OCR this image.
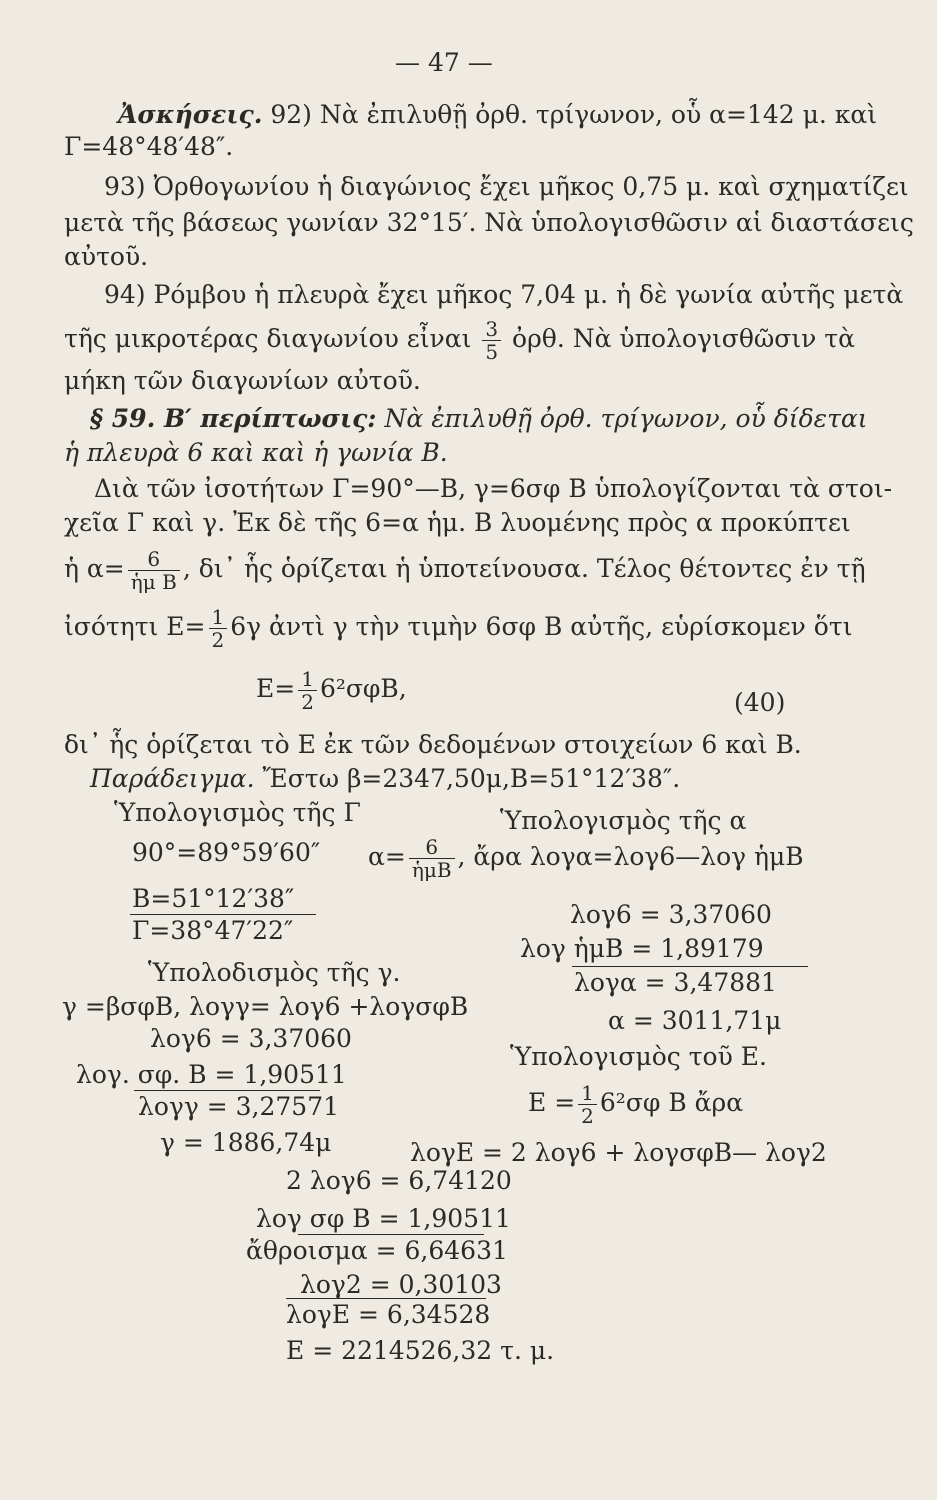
— 47 —
Ἀσκήσεις. 92) Νὰ ἐπιλυθῇ ὀρθ. τρίγωνον, οὗ α=142 μ. καὶ
Γ=48°48′48″.
93) Ὀρθογωνίου ἡ διαγώνιος ἔχει μῆκος 0,75 μ. καὶ σχηματίζει
μετὰ τῆς βάσεως γωνίαν 32°15′. Νὰ ὑπολογισθῶσιν αἱ διαστάσεις
αὐτοῦ.
94) Ρόμβου ἡ πλευρὰ ἔχει μῆκος 7,04 μ. ἡ δὲ γωνία αὐτῆς μετὰ
τῆς μικροτέρας διαγωνίου εἶναι $\frac{3}{5}$ ὀρθ. Νὰ ὑπολογισθῶσιν τὰ
μήκη τῶν διαγωνίων αὐτοῦ.
§ 59. B′ περίπτωσις: Νὰ ἐπιλυθῇ ὀρθ. τρίγωνον, οὗ δίδεται
ἡ πλευρὰ 6 καὶ καὶ ἡ γωνία B.
Διὰ τῶν ἰσοτήτων Γ=90°—B, γ=6σφ B ὑπολογίζονται τὰ στοι-
χεῖα Γ καὶ γ. Ἐκ δὲ τῆς 6=α ἡμ. B λυομένης πρὸς α προκύπτει
ἡ $\alpha= \frac{6}{\text{ἡμ B}}$ , δι᾽ ἧς ὁρίζεται ἡ ὑποτείνουσα. Τέλος θέτοντες ἐν τῇ
ἰσότητι $E= \frac{1}{2} 6\gamma$ ἀντὶ γ τὴν τιμὴν 6σφ B αὐτῆς, εὑρίσκομεν ὅτι
$E= \frac{1}{2} 6^2\sigma\varphi B$,	(40)
δι᾽ ἧς ὁρίζεται τὸ E ἐκ τῶν δεδομένων στοιχείων 6 καὶ B.
Παράδειγμα. Ἔστω β=2347,50μ,B=51°12′38″.
Ὑπολογισμὸς τῆς Γ	Ὑπολογισμὸς τῆς α
90°=89°59′60″ $\alpha= \frac{6}{\text{ἡμB}}$ , ἄρα λογα=λογ6—λογ ἡμB
B=51°12′38″
Γ=38°47′22″
λογ6 = 3,37060
λογ ἡμB = 1,89179
Ὑπολοδισμὸς τῆς γ.	λογα = 3,47881
γ =βσφB, λογγ= λογ6 +λογσφB	α = 3011,71μ
λογ6 = 3,37060
Ὑπολογισμὸς τοῦ E.
λογ. σφ. B = 1,90511
$E = \frac{1}{2} 6^2\sigma\varphi$ B ἄρα
λογγ = 3,27571
γ = 1886,74μ	λογE = 2 λογ6 + λογσφB— λογ2
2 λογ6 = 6,74120
λογ σφ B = 1,90511
ἄθροισμα = 6,64631
λογ2 = 0,30103
λογE = 6,34528
E = 2214526,32 τ. μ.
